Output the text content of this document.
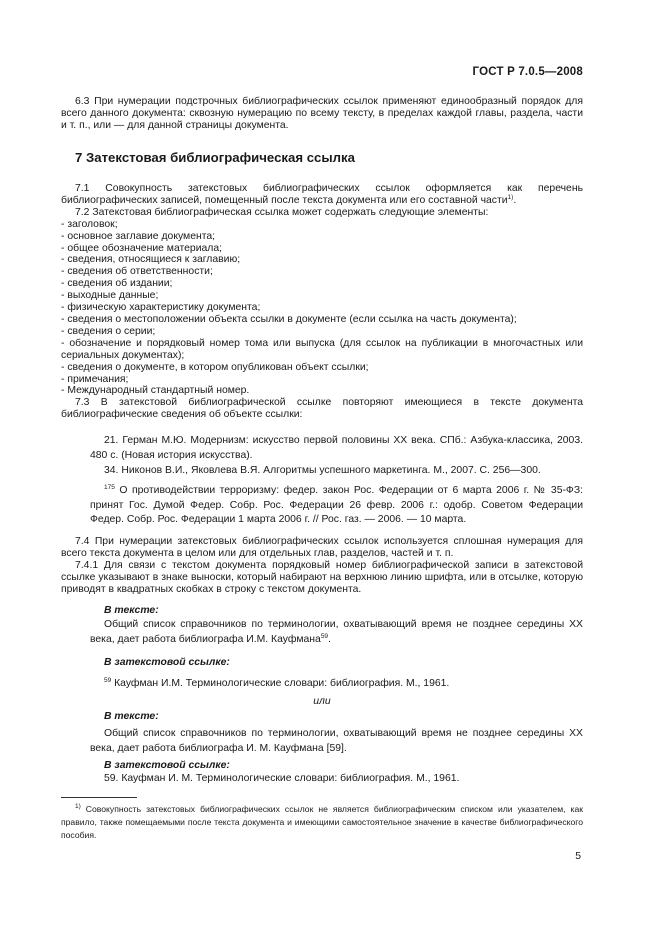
ГОСТ Р 7.0.5—2008

6.3 При нумерации подстрочных библиографических ссылок применяют единообразный порядок для всего данного документа: сквозную нумерацию по всему тексту, в пределах каждой главы, раздела, части и т. п., или — для данной страницы документа.

7 Затекстовая библиографическая ссылка

7.1 Совокупность затекстовых библиографических ссылок оформляется как перечень библиографических записей, помещенный после текста документа или его составной части$^{1)}$.

7.2 Затекстовая библиографическая ссылка может содержать следующие элементы:

- заголовок;
- основное заглавие документа;
- общее обозначение материала;
- сведения, относящиеся к заглавию;
- сведения об ответственности;
- сведения об издании;
- выходные данные;
- физическую характеристику документа;
- сведения о местоположении объекта ссылки в документе (если ссылка на часть документа);
- сведения о серии;
- обозначение и порядковый номер тома или выпуска (для ссылок на публикации в многочастных или сериальных документах);
- сведения о документе, в котором опубликован объект ссылки;
- примечания;
- Международный стандартный номер.

7.3 В затекстовой библиографической ссылке повторяют имеющиеся в тексте документа библиографические сведения об объекте ссылки:

21. Герман М.Ю. Модернизм: искусство первой половины XX века. СПб.: Азбука-классика, 2003. 480 с. (Новая история искусства).
34. Никонов В.И., Яковлева В.Я. Алгоритмы успешного маркетинга. М., 2007. С. 256—300.
$^{175}$ О противодействии терроризму: федер. закон Рос. Федерации от 6 марта 2006 г. № 35-ФЗ: принят Гос. Думой Федер. Собр. Рос. Федерации 26 февр. 2006 г.: одобр. Советом Федерации Федер. Собр. Рос. Федерации 1 марта 2006 г. // Рос. газ. — 2006. — 10 марта.

7.4 При нумерации затекстовых библиографических ссылок используется сплошная нумерация для всего текста документа в целом или для отдельных глав, разделов, частей и т. п.

7.4.1 Для связи с текстом документа порядковый номер библиографической записи в затекстовой ссылке указывают в знаке выноски, который набирают на верхнюю линию шрифта, или в отсылке, которую приводят в квадратных скобках в строку с текстом документа.

В тексте:
Общий список справочников по терминологии, охватывающий время не позднее середины XX века, дает работа библиографа И.М. Кауфмана$^{59}$.
В затекстовой ссылке:
$^{59}$ Кауфман И.М. Терминологические словари: библиография. М., 1961.
или
В тексте:
Общий список справочников по терминологии, охватывающий время не позднее середины XX века, дает работа библиографа И. М. Кауфмана [59].
В затекстовой ссылке:
59. Кауфман И. М. Терминологические словари: библиография. М., 1961.
$^{1)}$ Совокупность затекстовых библиографических ссылок не является библиографическим списком или указателем, как правило, также помещаемыми после текста документа и имеющими самостоятельное значение в качестве библиографического пособия.
5
